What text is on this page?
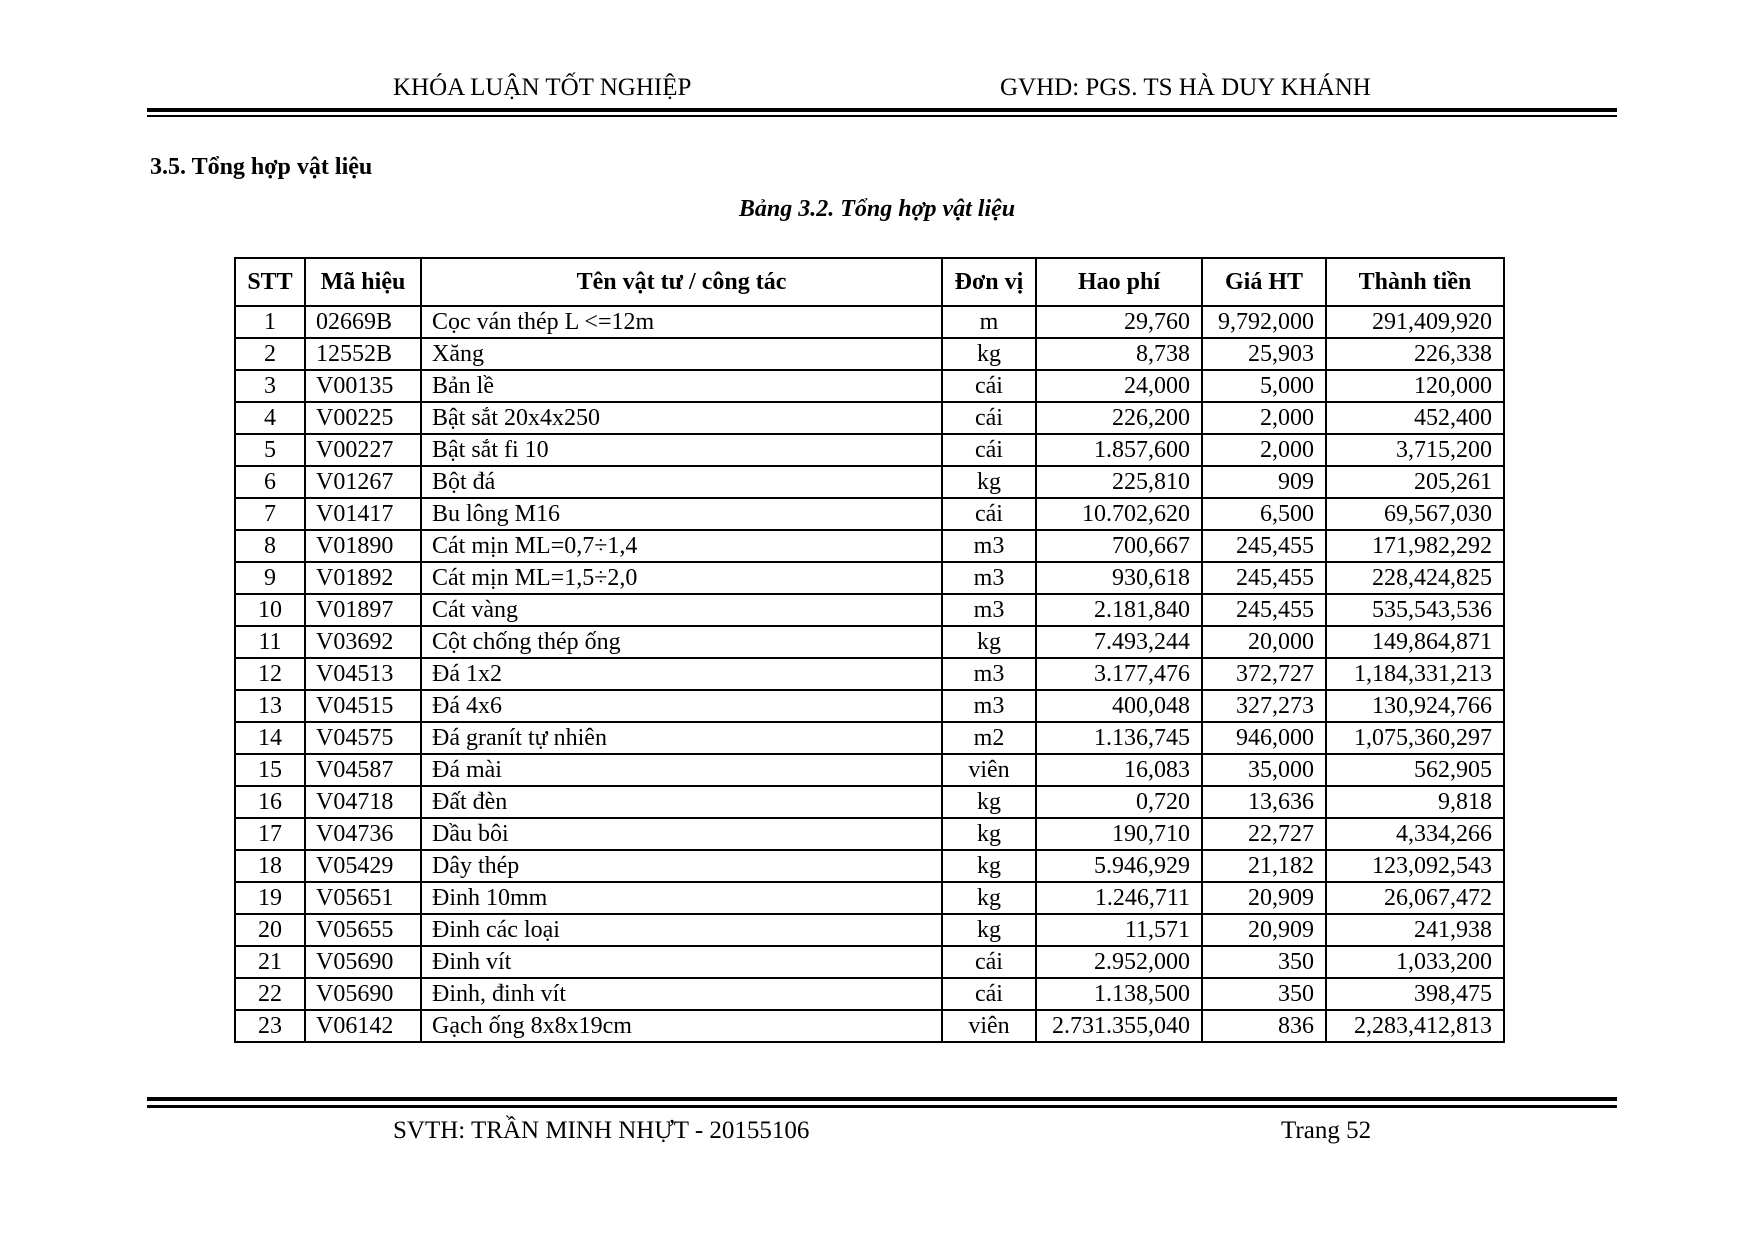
KHÓA LUẬN TỐT NGHIỆP	GVHD: PGS. TS HÀ DUY KHÁNH
3.5. Tổng hợp vật liệu
Bảng 3.2. Tổng hợp vật liệu
STT	Mã hiệu	Tên vật tư / công tác	Đơn vị	Hao phí	Giá HT	Thành tiền
1	02669B	Cọc ván thép L <=12m	m	29,760	9,792,000	291,409,920
2	12552B	Xăng	kg	8,738	25,903	226,338
3	V00135	Bản lề	cái	24,000	5,000	120,000
4	V00225	Bật sắt 20x4x250	cái	226,200	2,000	452,400
5	V00227	Bật sắt fi 10	cái	1.857,600	2,000	3,715,200
6	V01267	Bột đá	kg	225,810	909	205,261
7	V01417	Bu lông M16	cái	10.702,620	6,500	69,567,030
8	V01890	Cát mịn ML=0,7÷1,4	m3	700,667	245,455	171,982,292
9	V01892	Cát mịn ML=1,5÷2,0	m3	930,618	245,455	228,424,825
10	V01897	Cát vàng	m3	2.181,840	245,455	535,543,536
11	V03692	Cột chống thép ống	kg	7.493,244	20,000	149,864,871
12	V04513	Đá 1x2	m3	3.177,476	372,727	1,184,331,213
13	V04515	Đá 4x6	m3	400,048	327,273	130,924,766
14	V04575	Đá granít tự nhiên	m2	1.136,745	946,000	1,075,360,297
15	V04587	Đá mài	viên	16,083	35,000	562,905
16	V04718	Đất đèn	kg	0,720	13,636	9,818
17	V04736	Dầu bôi	kg	190,710	22,727	4,334,266
18	V05429	Dây thép	kg	5.946,929	21,182	123,092,543
19	V05651	Đinh 10mm	kg	1.246,711	20,909	26,067,472
20	V05655	Đinh các loại	kg	11,571	20,909	241,938
21	V05690	Đinh vít	cái	2.952,000	350	1,033,200
22	V05690	Đinh, đinh vít	cái	1.138,500	350	398,475
23	V06142	Gạch ống 8x8x19cm	viên	2.731.355,040	836	2,283,412,813
SVTH: TRẦN MINH NHỰT - 20155106	Trang 52
